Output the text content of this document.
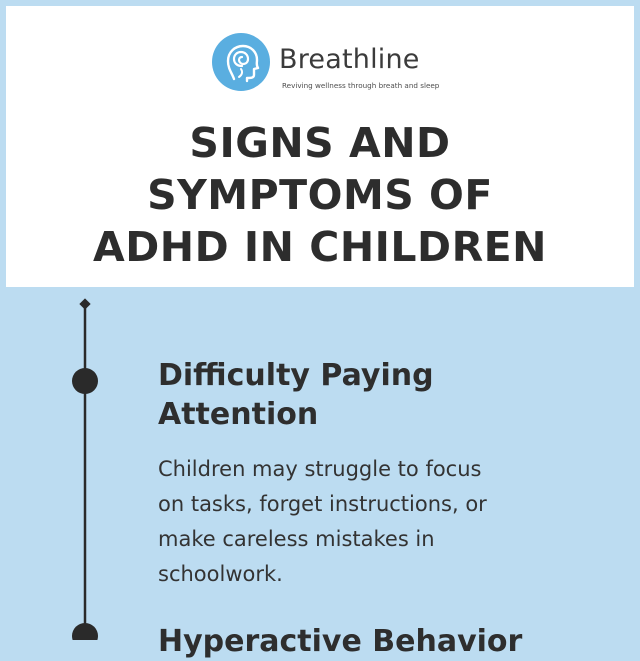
Breathline
Reviving wellness through breath and sleep
SIGNS AND
SYMPTOMS OF
ADHD IN CHILDREN
Difficulty Paying
Attention
Children may struggle to focus
on tasks, forget instructions, or
make careless mistakes in
schoolwork.
Hyperactive Behavior
